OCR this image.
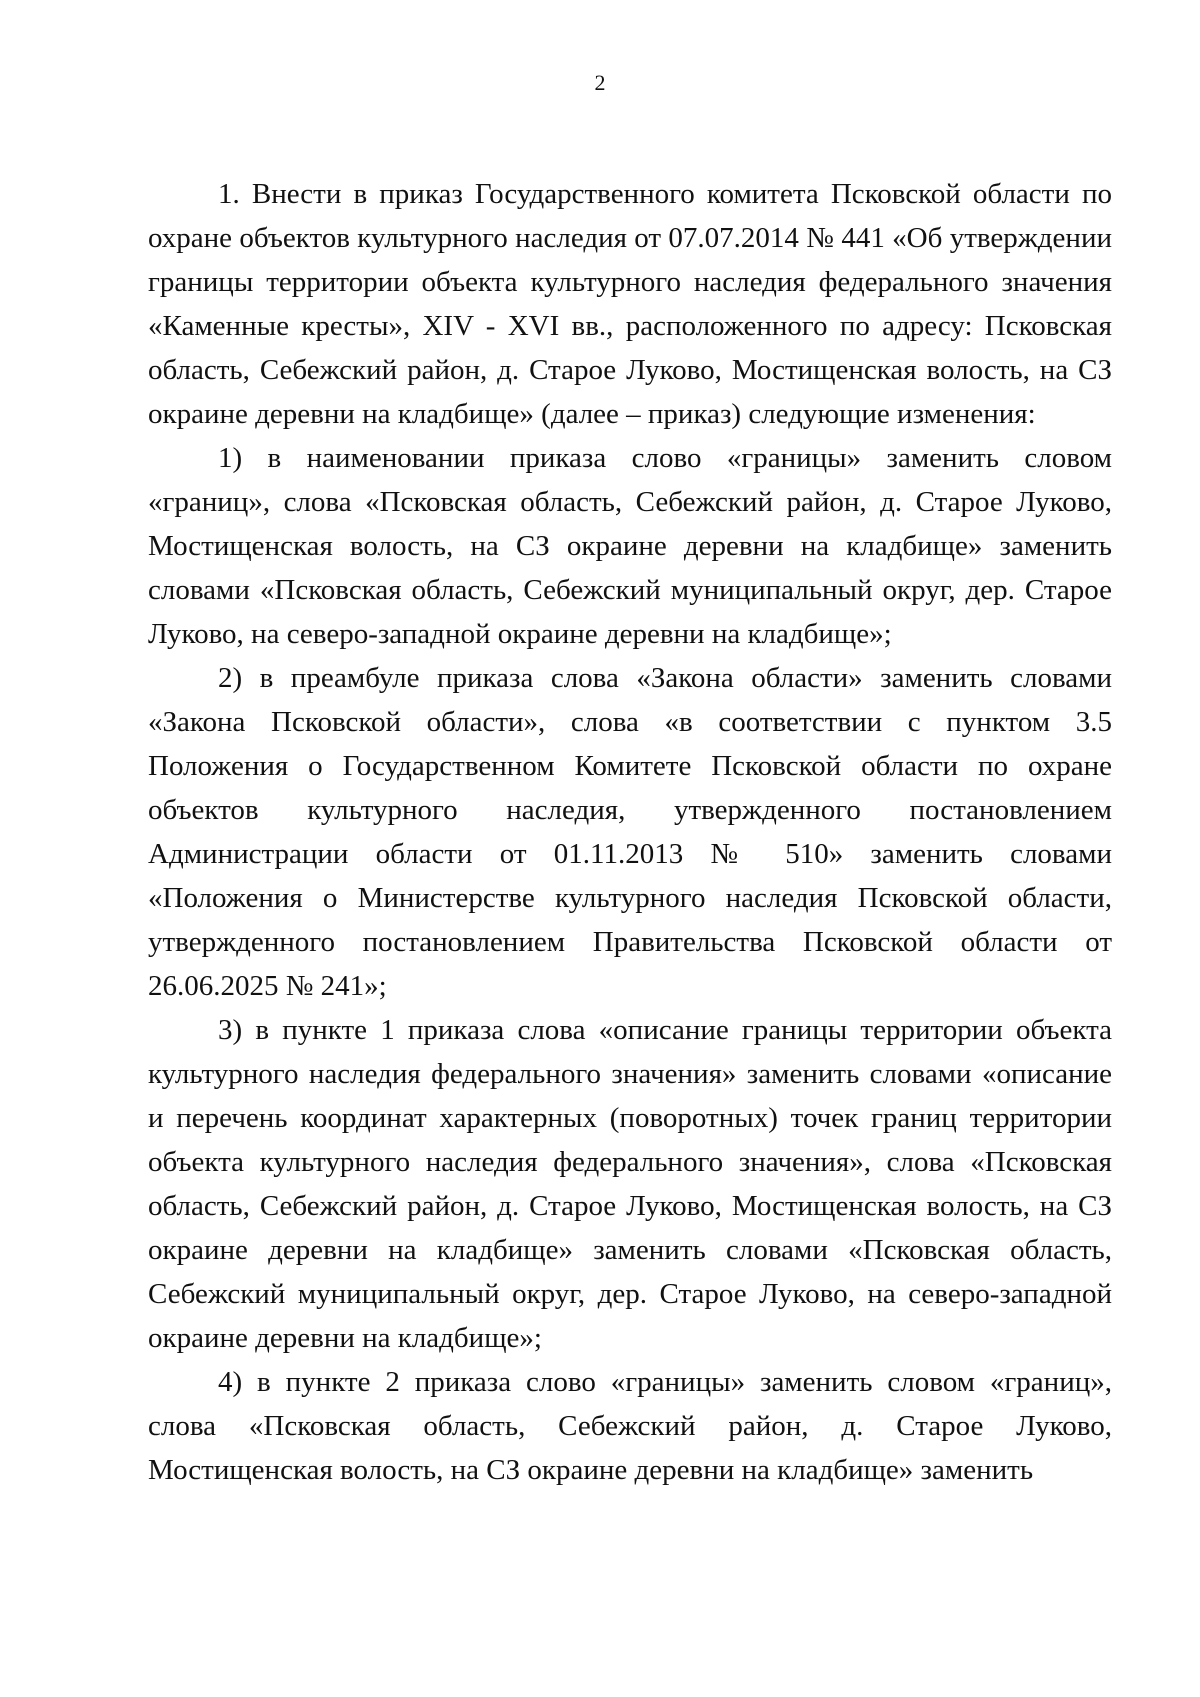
2

1. Внести в приказ Государственного комитета Псковской области по охране объектов культурного наследия от 07.07.2014 № 441 «Об утверждении границы территории объекта культурного наследия федерального значения «Каменные кресты», XIV - XVI вв., расположенного по адресу: Псковская область, Себежский район, д. Старое Луково, Мостищенская волость, на СЗ окраине деревни на кладбище» (далее – приказ) следующие изменения:

1) в наименовании приказа слово «границы» заменить словом «границ», слова «Псковская область, Себежский район, д. Старое Луково, Мостищенская волость, на СЗ окраине деревни на кладбище» заменить словами «Псковская область, Себежский муниципальный округ, дер. Старое Луково, на северо-западной окраине деревни на кладбище»;

2) в преамбуле приказа слова «Закона области» заменить словами «Закона Псковской области», слова «в соответствии с пунктом 3.5 Положения о Государственном Комитете Псковской области по охране объектов культурного наследия, утвержденного постановлением Администрации области от 01.11.2013 № 510» заменить словами «Положения о Министерстве культурного наследия Псковской области, утвержденного постановлением Правительства Псковской области от 26.06.2025 № 241»;

3) в пункте 1 приказа слова «описание границы территории объекта культурного наследия федерального значения» заменить словами «описание и перечень координат характерных (поворотных) точек границ территории объекта культурного наследия федерального значения», слова «Псковская область, Себежский район, д. Старое Луково, Мостищенская волость, на СЗ окраине деревни на кладбище» заменить словами «Псковская область, Себежский муниципальный округ, дер. Старое Луково, на северо-западной окраине деревни на кладбище»;

4) в пункте 2 приказа слово «границы» заменить словом «границ», слова «Псковская область, Себежский район, д. Старое Луково, Мостищенская волость, на СЗ окраине деревни на кладбище» заменить
